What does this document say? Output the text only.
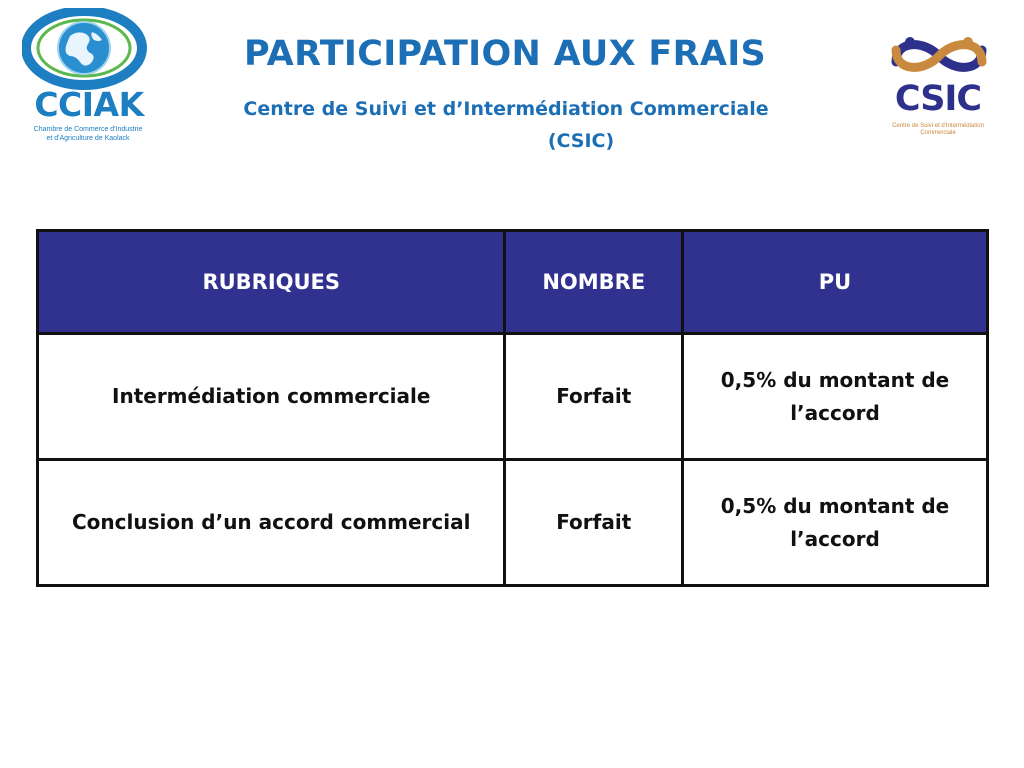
CCIAK
Chambre de Commerce d'Industrie
et d'Agriculture de Kaolack
PARTICIPATION AUX FRAIS
Centre de Suivi et d’Intermédiation Commerciale
(CSIC)
CSIC
Centre de Suivi et d'Intermédiation
Commerciale
RUBRIQUES	NOMBRE	PU
Intermédiation commerciale	Forfait	0,5% du montant de
l’accord
Conclusion d’un accord commercial	Forfait	0,5% du montant de
l’accord
